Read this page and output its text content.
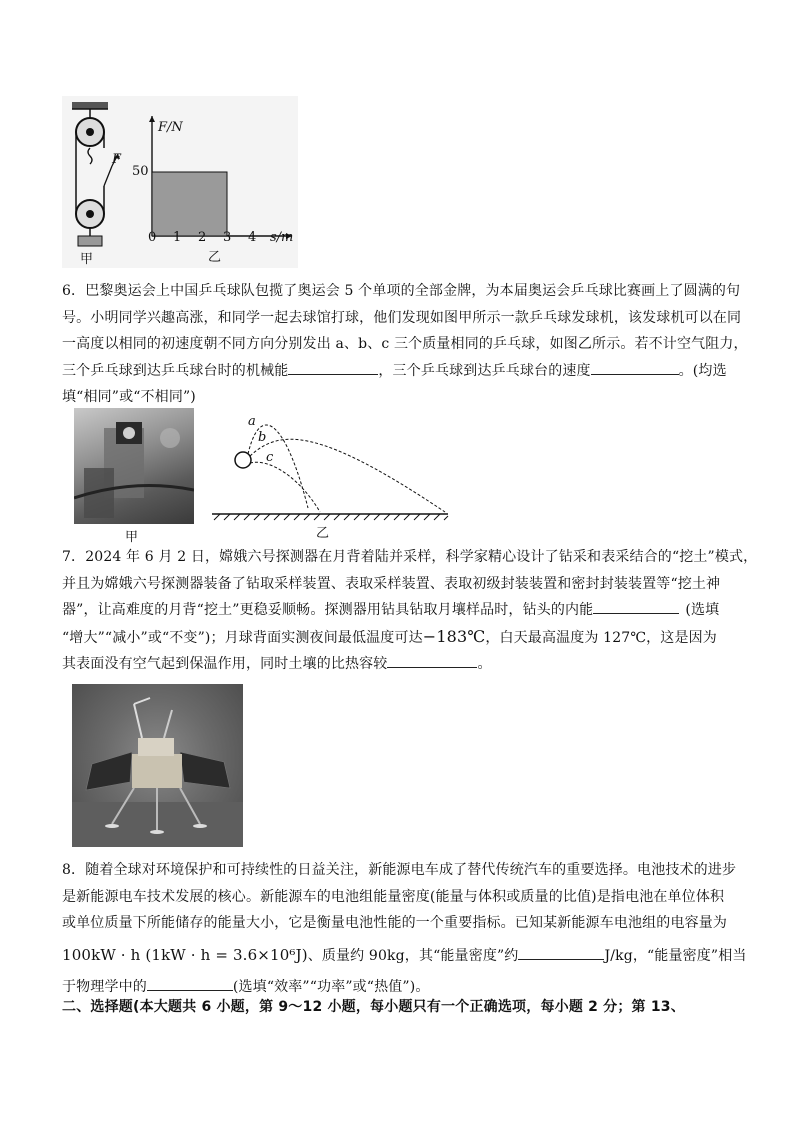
F
甲
F/N
s/m
50
0 1 2 3 4
乙
6．巴黎奥运会上中国乒乓球队包揽了奥运会 5 个单项的全部金牌，为本届奥运会乒乓球比赛画上了圆满的句
号。小明同学兴趣高涨，和同学一起去球馆打球，他们发现如图甲所示一款乒乓球发球机，该发球机可以在同
一高度以相同的初速度朝不同方向分别发出 a、b、c 三个质量相同的乒乓球，如图乙所示。若不计空气阻力，
三个乒乓球到达乒乓球台时的机械能	，三个乒乓球到达乒乓球台的速度	。(均选
填“相同”或“不相同”)
甲
a
b
c
乙
7．2024 年 6 月 2 日，嫦娥六号探测器在月背着陆并采样，科学家精心设计了钻采和表采结合的“挖土”模式，
并且为嫦娥六号探测器装备了钻取采样装置、表取采样装置、表取初级封装装置和密封封装装置等“挖土神
器”，让高难度的月背“挖土”更稳妥顺畅。探测器用钻具钻取月壤样品时，钻头的内能	(选填
“增大”“减小”或“不变”)；月球背面实测夜间最低温度可达−183℃，白天最高温度为 127℃，这是因为
其表面没有空气起到保温作用，同时土壤的比热容较	。
8．随着全球对环境保护和可持续性的日益关注，新能源电车成了替代传统汽车的重要选择。电池技术的进步
是新能源电车技术发展的核心。新能源车的电池组能量密度(能量与体积或质量的比值)是指电池在单位体积
或单位质量下所能储存的能量大小，它是衡量电池性能的一个重要指标。已知某新能源车电池组的电容量为
100kW · h (1kW · h = 3.6×10⁶J)、质量约 90kg，其“能量密度”约	J/kg，“能量密度”相当
于物理学中的	(选填“效率”“功率”或“热值”)。
二、选择题(本大题共 6 小题，第 9～12 小题，每小题只有一个正确选项，每小题 2 分；第 13、
